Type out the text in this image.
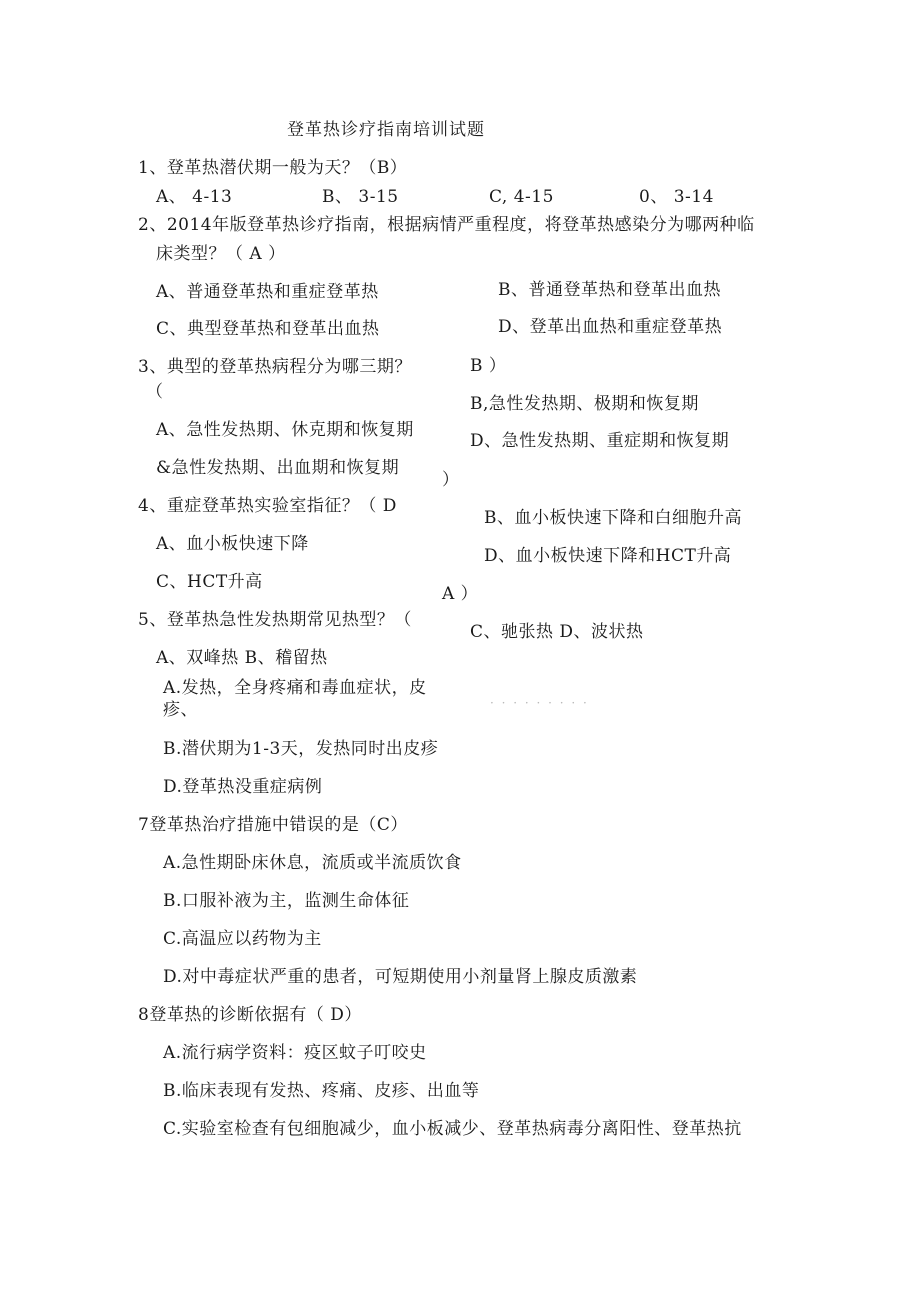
登革热诊疗指南培训试题
1、登革热潜伏期一般为天？（B）
A、 4-13	B、 3-15	C, 4-15	0、 3-14
2、2014年版登革热诊疗指南，根据病情严重程度，将登革热感染分为哪两种临
床类型？（ A ）
A、普通登革热和重症登革热	B、普通登革热和登革出血热
C、典型登革热和登革出血热	D、登革出血热和重症登革热
3、典型的登革热病程分为哪三期？	B ）
（
B,急性发热期、极期和恢复期
A、急性发热期、休克期和恢复期
D、急性发热期、重症期和恢复期
&急性发热期、出血期和恢复期
）
4、重症登革热实验室指征？（ D
B、血小板快速下降和白细胞升高
A、血小板快速下降
D、血小板快速下降和HCT升高
C、HCT升高
A ）
5、登革热急性发热期常见热型？（
C、驰张热 D、波状热
A、双峰热 B、稽留热
A.发热，全身疼痛和毒血症状，皮疹、	· · · · · · · · ·
B.潜伏期为1-3天，发热同时出皮疹
D.登革热没重症病例
7登革热治疗措施中错误的是（C）
A.急性期卧床休息，流质或半流质饮食
B.口服补液为主，监测生命体征
C.高温应以药物为主
D.对中毒症状严重的患者，可短期使用小剂量肾上腺皮质激素
8登革热的诊断依据有（ D）
A.流行病学资料：疫区蚊子叮咬史
B.临床表现有发热、疼痛、皮疹、出血等
C.实验室检查有包细胞减少，血小板减少、登革热病毒分离阳性、登革热抗
